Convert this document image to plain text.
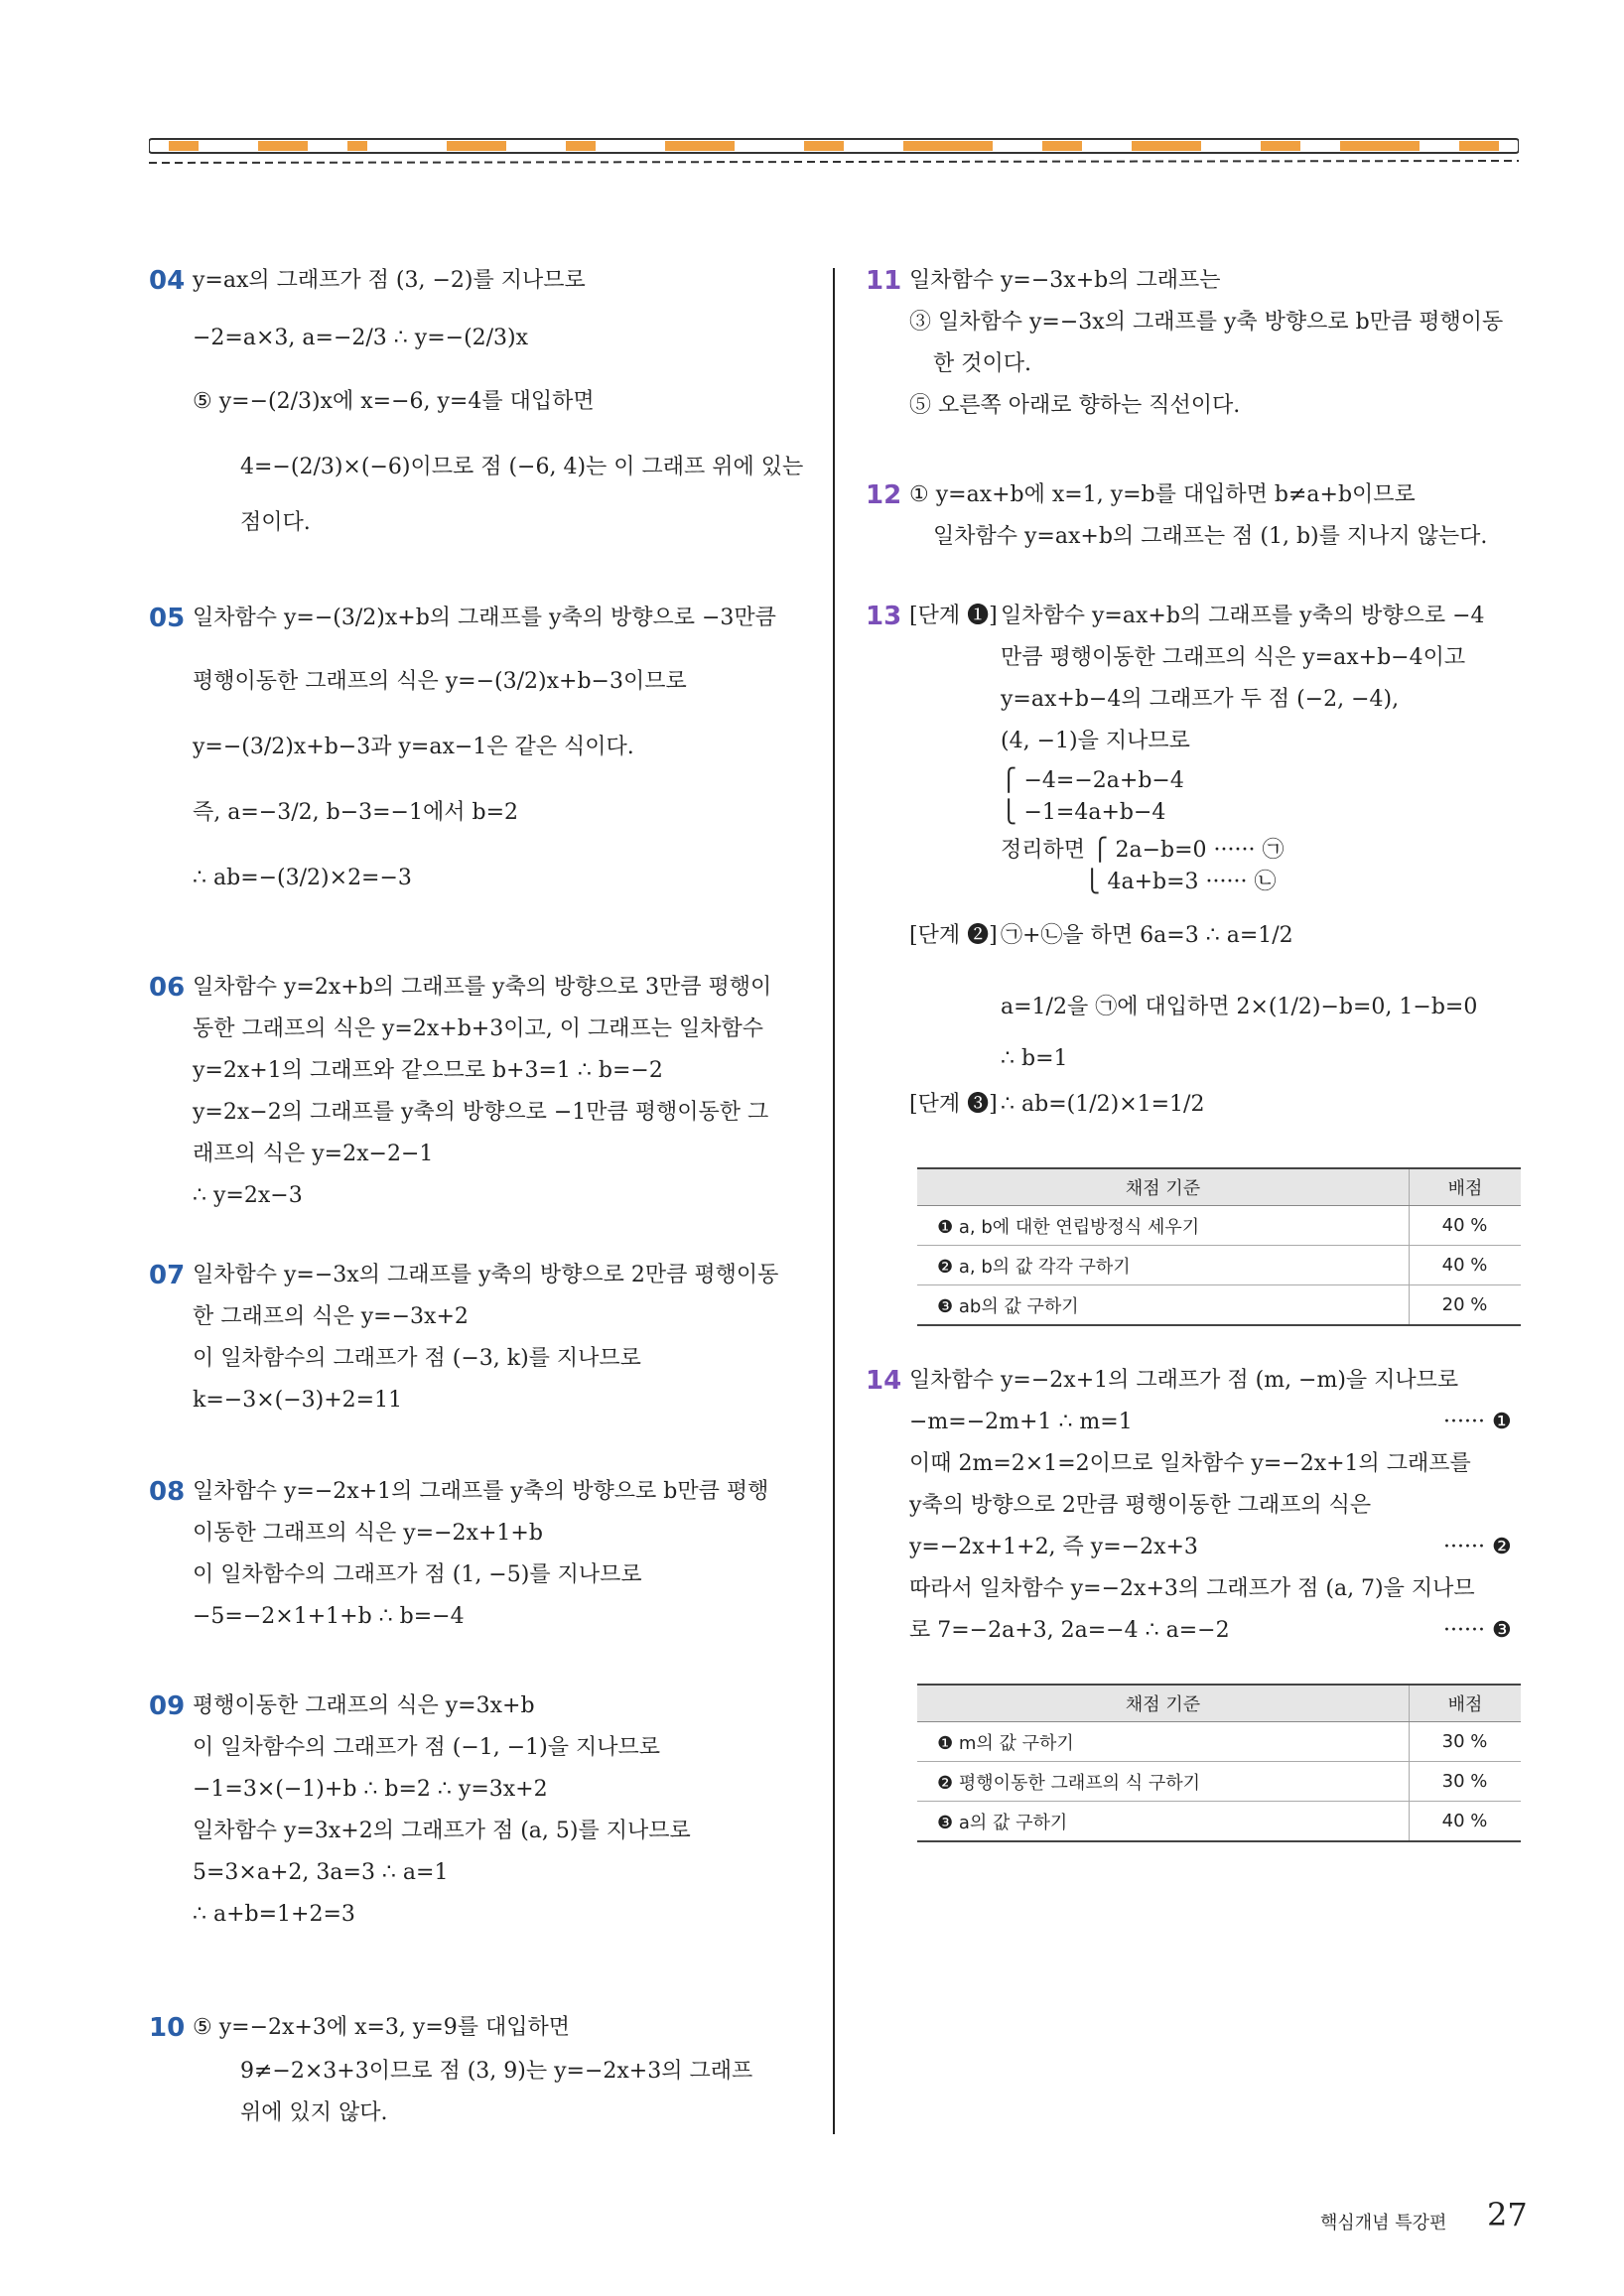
04 y=ax의 그래프가 점 (3, −2)를 지나므로
−2=a×3, a=−2/3 ∴ y=−(2/3)x
⑤ y=−(2/3)x에 x=−6, y=4를 대입하면
4=−(2/3)×(−6)이므로 점 (−6, 4)는 이 그래프 위에 있는
점이다.
05 일차함수 y=−(3/2)x+b의 그래프를 y축의 방향으로 −3만큼
평행이동한 그래프의 식은 y=−(3/2)x+b−3이므로
y=−(3/2)x+b−3과 y=ax−1은 같은 식이다.
즉, a=−3/2, b−3=−1에서 b=2
∴ ab=−(3/2)×2=−3
06 일차함수 y=2x+b의 그래프를 y축의 방향으로 3만큼 평행이
동한 그래프의 식은 y=2x+b+3이고, 이 그래프는 일차함수
y=2x+1의 그래프와 같으므로 b+3=1 ∴ b=−2
y=2x−2의 그래프를 y축의 방향으로 −1만큼 평행이동한 그
래프의 식은 y=2x−2−1
∴ y=2x−3
07 일차함수 y=−3x의 그래프를 y축의 방향으로 2만큼 평행이동
한 그래프의 식은 y=−3x+2
이 일차함수의 그래프가 점 (−3, k)를 지나므로
k=−3×(−3)+2=11
08 일차함수 y=−2x+1의 그래프를 y축의 방향으로 b만큼 평행
이동한 그래프의 식은 y=−2x+1+b
이 일차함수의 그래프가 점 (1, −5)를 지나므로
−5=−2×1+1+b ∴ b=−4
09 평행이동한 그래프의 식은 y=3x+b
이 일차함수의 그래프가 점 (−1, −1)을 지나므로
−1=3×(−1)+b ∴ b=2 ∴ y=3x+2
일차함수 y=3x+2의 그래프가 점 (a, 5)를 지나므로
5=3×a+2, 3a=3 ∴ a=1
∴ a+b=1+2=3
10 ⑤ y=−2x+3에 x=3, y=9를 대입하면
9≠−2×3+3이므로 점 (3, 9)는 y=−2x+3의 그래프
위에 있지 않다.
11 일차함수 y=−3x+b의 그래프는
③ 일차함수 y=−3x의 그래프를 y축 방향으로 b만큼 평행이동
한 것이다.
⑤ 오른쪽 아래로 향하는 직선이다.
12 ① y=ax+b에 x=1, y=b를 대입하면 b≠a+b이므로
일차함수 y=ax+b의 그래프는 점 (1, b)를 지나지 않는다.
13 [단계 ❶] 일차함수 y=ax+b의 그래프를 y축의 방향으로 −4
만큼 평행이동한 그래프의 식은 y=ax+b−4이고
y=ax+b−4의 그래프가 두 점 (−2, −4),
(4, −1)을 지나므로
⎧ −4=−2a+b−4
⎩ −1=4a+b−4
정리하면 ⎧ 2a−b=0 ······ ㉠
⎩ 4a+b=3 ······ ㉡
[단계 ❷] ㉠+㉡을 하면 6a=3 ∴ a=1/2
a=1/2을 ㉠에 대입하면 2×(1/2)−b=0, 1−b=0
∴ b=1
[단계 ❸] ∴ ab=(1/2)×1=1/2
채점 기준	배점
❶ a, b에 대한 연립방정식 세우기	40 %
❷ a, b의 값 각각 구하기	40 %
❸ ab의 값 구하기	20 %
14 일차함수 y=−2x+1의 그래프가 점 (m, −m)을 지나므로
−m=−2m+1 ∴ m=1	······ ❶
이때 2m=2×1=2이므로 일차함수 y=−2x+1의 그래프를
y축의 방향으로 2만큼 평행이동한 그래프의 식은
y=−2x+1+2, 즉 y=−2x+3	······ ❷
따라서 일차함수 y=−2x+3의 그래프가 점 (a, 7)을 지나므
로 7=−2a+3, 2a=−4 ∴ a=−2	······ ❸
채점 기준	배점
❶ m의 값 구하기	30 %
❷ 평행이동한 그래프의 식 구하기	30 %
❸ a의 값 구하기	40 %
핵심개념 특강편 27
